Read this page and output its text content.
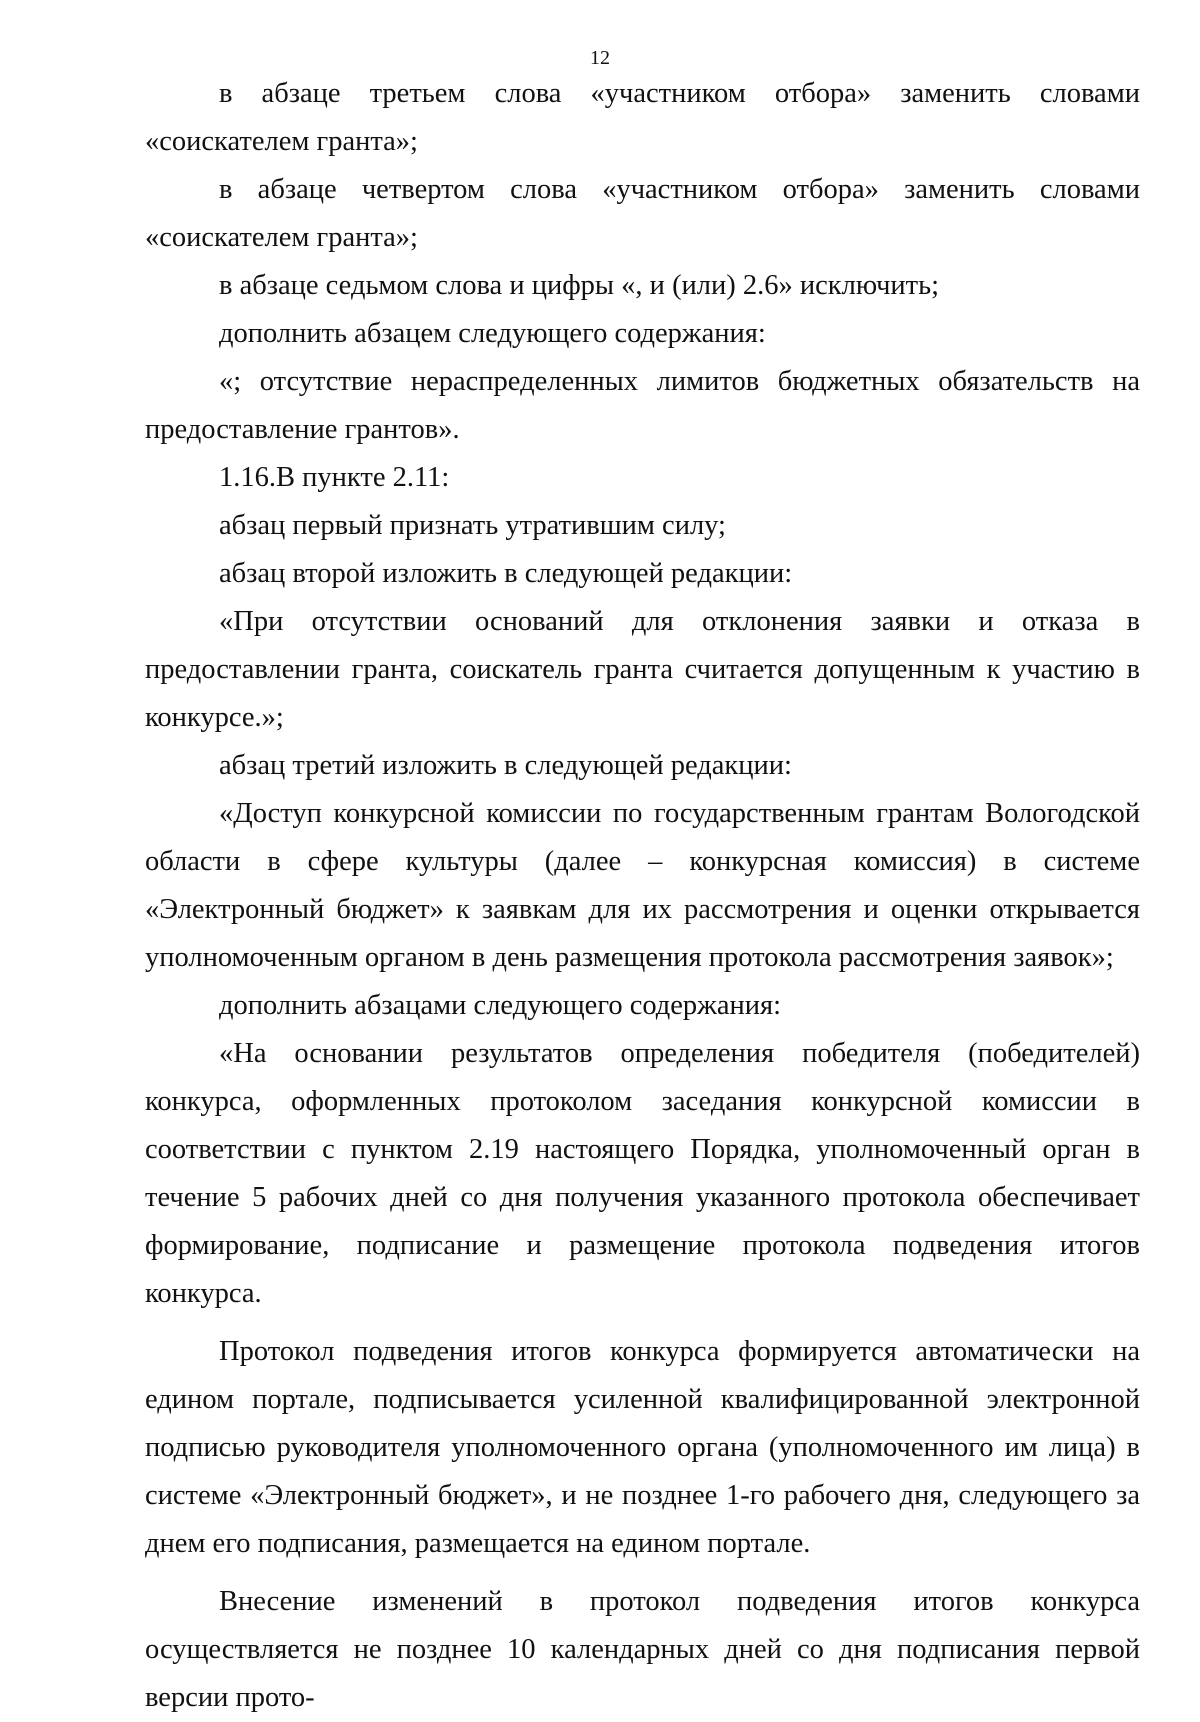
12

в абзаце третьем слова «участником отбора» заменить словами «соискателем гранта»;

в абзаце четвертом слова «участником отбора» заменить словами «соискателем гранта»;

в абзаце седьмом слова и цифры «, и (или) 2.6» исключить;

дополнить абзацем следующего содержания:

«; отсутствие нераспределенных лимитов бюджетных обязательств на предоставление грантов».

1.16.В пункте 2.11:

абзац первый признать утратившим силу;

абзац второй изложить в следующей редакции:

«При отсутствии оснований для отклонения заявки и отказа в предоставлении гранта, соискатель гранта считается допущенным к участию в конкурсе.»;

абзац третий изложить в следующей редакции:

«Доступ конкурсной комиссии по государственным грантам Вологодской области в сфере культуры (далее – конкурсная комиссия) в системе «Электронный бюджет» к заявкам для их рассмотрения и оценки открывается уполномоченным органом в день размещения протокола рассмотрения заявок»;

дополнить абзацами следующего содержания:

«На основании результатов определения победителя (победителей) конкурса, оформленных протоколом заседания конкурсной комиссии в соответствии с пунктом 2.19 настоящего Порядка, уполномоченный орган в течение 5 рабочих дней со дня получения указанного протокола обеспечивает формирование, подписание и размещение протокола подведения итогов конкурса.

Протокол подведения итогов конкурса формируется автоматически на едином портале, подписывается усиленной квалифицированной электронной подписью руководителя уполномоченного органа (уполномоченного им лица) в системе «Электронный бюджет», и не позднее 1-го рабочего дня, следующего за днем его подписания, размещается на едином портале.

Внесение изменений в протокол подведения итогов конкурса осуществляется не позднее 10 календарных дней со дня подписания первой версии прото-
